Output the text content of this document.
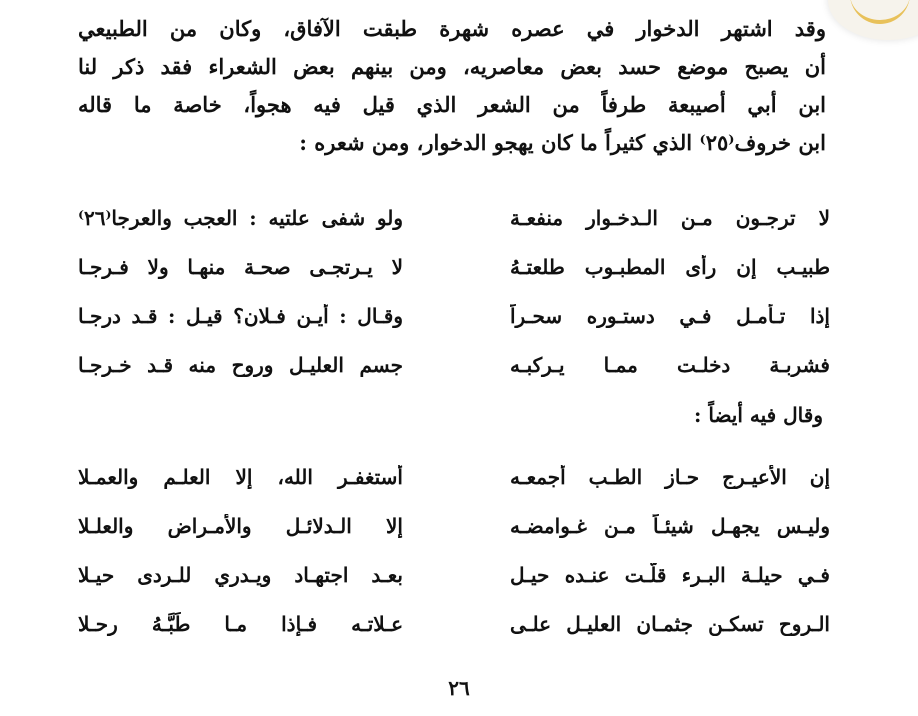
وقد اشتهر الدخوار في عصره شهرة طبقت الآفاق، وكان من الطبيعي
أن يصبح موضع حسد بعض معاصريه، ومن بينهم بعض الشعراء فقد ذكر لنا
ابن أبي أصيبعة طرفاً من الشعر الذي قيل فيه هجواً، خاصة ما قاله
ابن خروف⁽٢٥⁾ الذي كثيراً ما كان يهجو الدخوار، ومن شعره :
لا ترجـون مـن الـدخـوار منفعـة
ولو شفى علتيه : العجب والعرجا⁽٢٦⁾
طبيـب إن رأى المطبـوب طلعتـهُ
لا يـرتجـى صحـة منهـا ولا فـرجـا
إذا تـأمـل فـي دستـوره سحـراً
وقـال : أيـن فـلان؟ قيـل : قـد درجـا
فشربـة دخلـت ممـا يـركبـه
جسم العليـل وروح منه قـد خـرجـا
وقال فيه أيضاً :
إن الأعيـرج حـاز الطـب أجمعـه
أستغفـر الله، إلا العلـم والعمـلا
وليـس يجهـل شيئـاً مـن غـوامضـه
إلا الـدلائـل والأمـراض والعلـلا
فـي حيلـة البـرء قلّـت عنـده حيـل
بعـد اجتهـاد ويـدري للـردى حيـلا
الـروح تسكـن جثمـان العليـل علـى
عـلاتـه فـإذا مـا طَبَّـهُ رحـلا
٢٦
